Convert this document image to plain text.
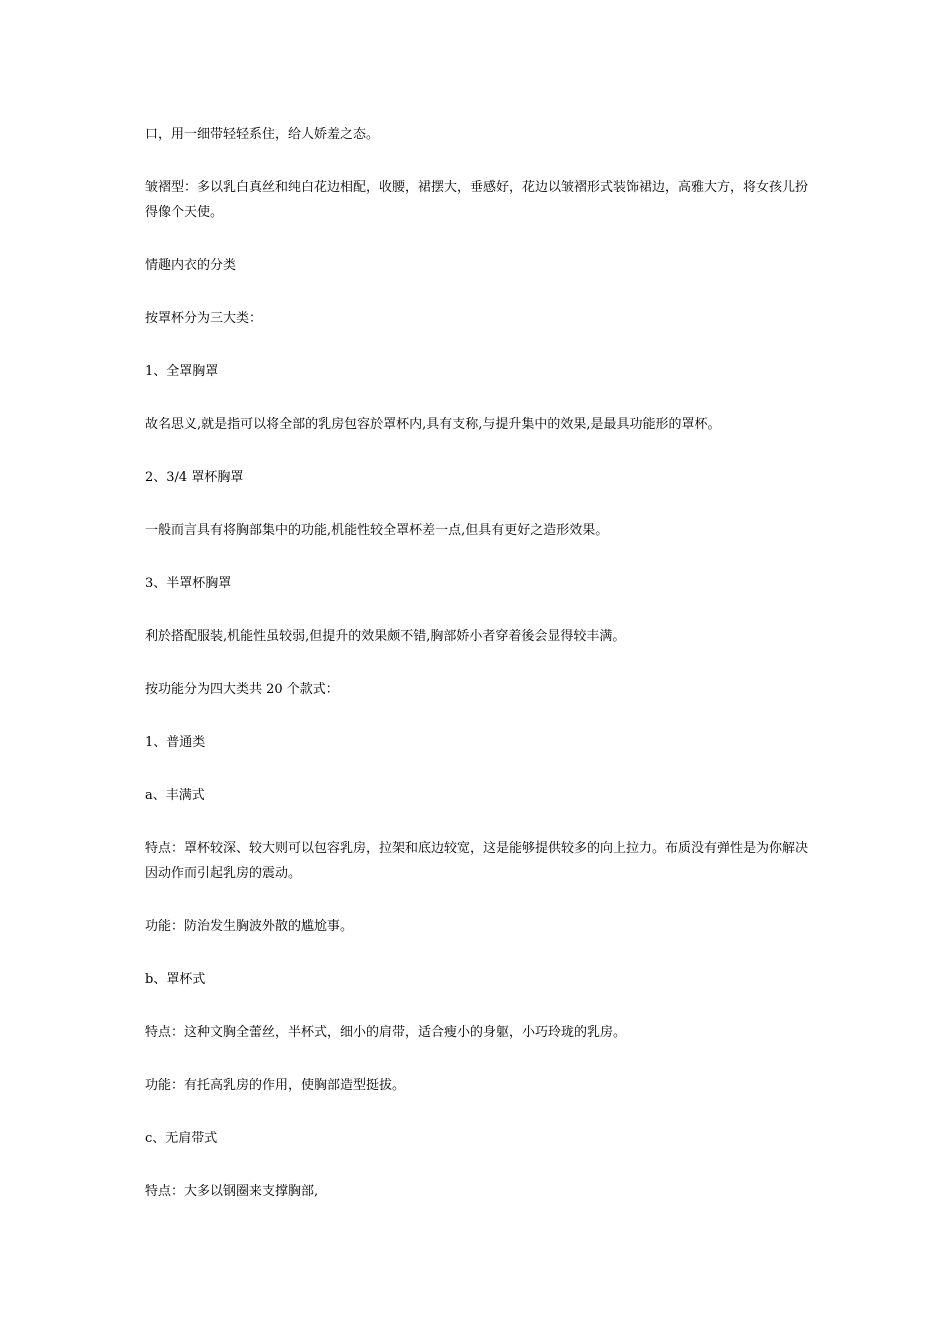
口，用一细带轻轻系住，给人娇羞之态。

皱褶型：多以乳白真丝和纯白花边相配，收腰，裙摆大，垂感好，花边以皱褶形式装饰裙边，高雅大方，将女孩儿扮得像个天使。

情趣内衣的分类

按罩杯分为三大类：

1、全罩胸罩

故名思义,就是指可以将全部的乳房包容於罩杯内,具有支称,与提升集中的效果,是最具功能形的罩杯。

2、3/4 罩杯胸罩

一般而言具有将胸部集中的功能,机能性较全罩杯差一点,但具有更好之造形效果。

3、半罩杯胸罩

利於搭配服装,机能性虽较弱,但提升的效果颇不错,胸部娇小者穿着後会显得较丰满。

按功能分为四大类共 20 个款式：

1、普通类

a、丰满式

特点：罩杯较深、较大则可以包容乳房，拉架和底边较宽，这是能够提供较多的向上拉力。布质没有弹性是为你解决因动作而引起乳房的震动。

功能：防治发生胸波外散的尴尬事。

b、罩杯式

特点：这种文胸全蕾丝，半杯式，细小的肩带，适合瘦小的身躯，小巧玲珑的乳房。

功能：有托高乳房的作用，使胸部造型挺拔。

c、无肩带式

特点：大多以钢圈来支撑胸部,
